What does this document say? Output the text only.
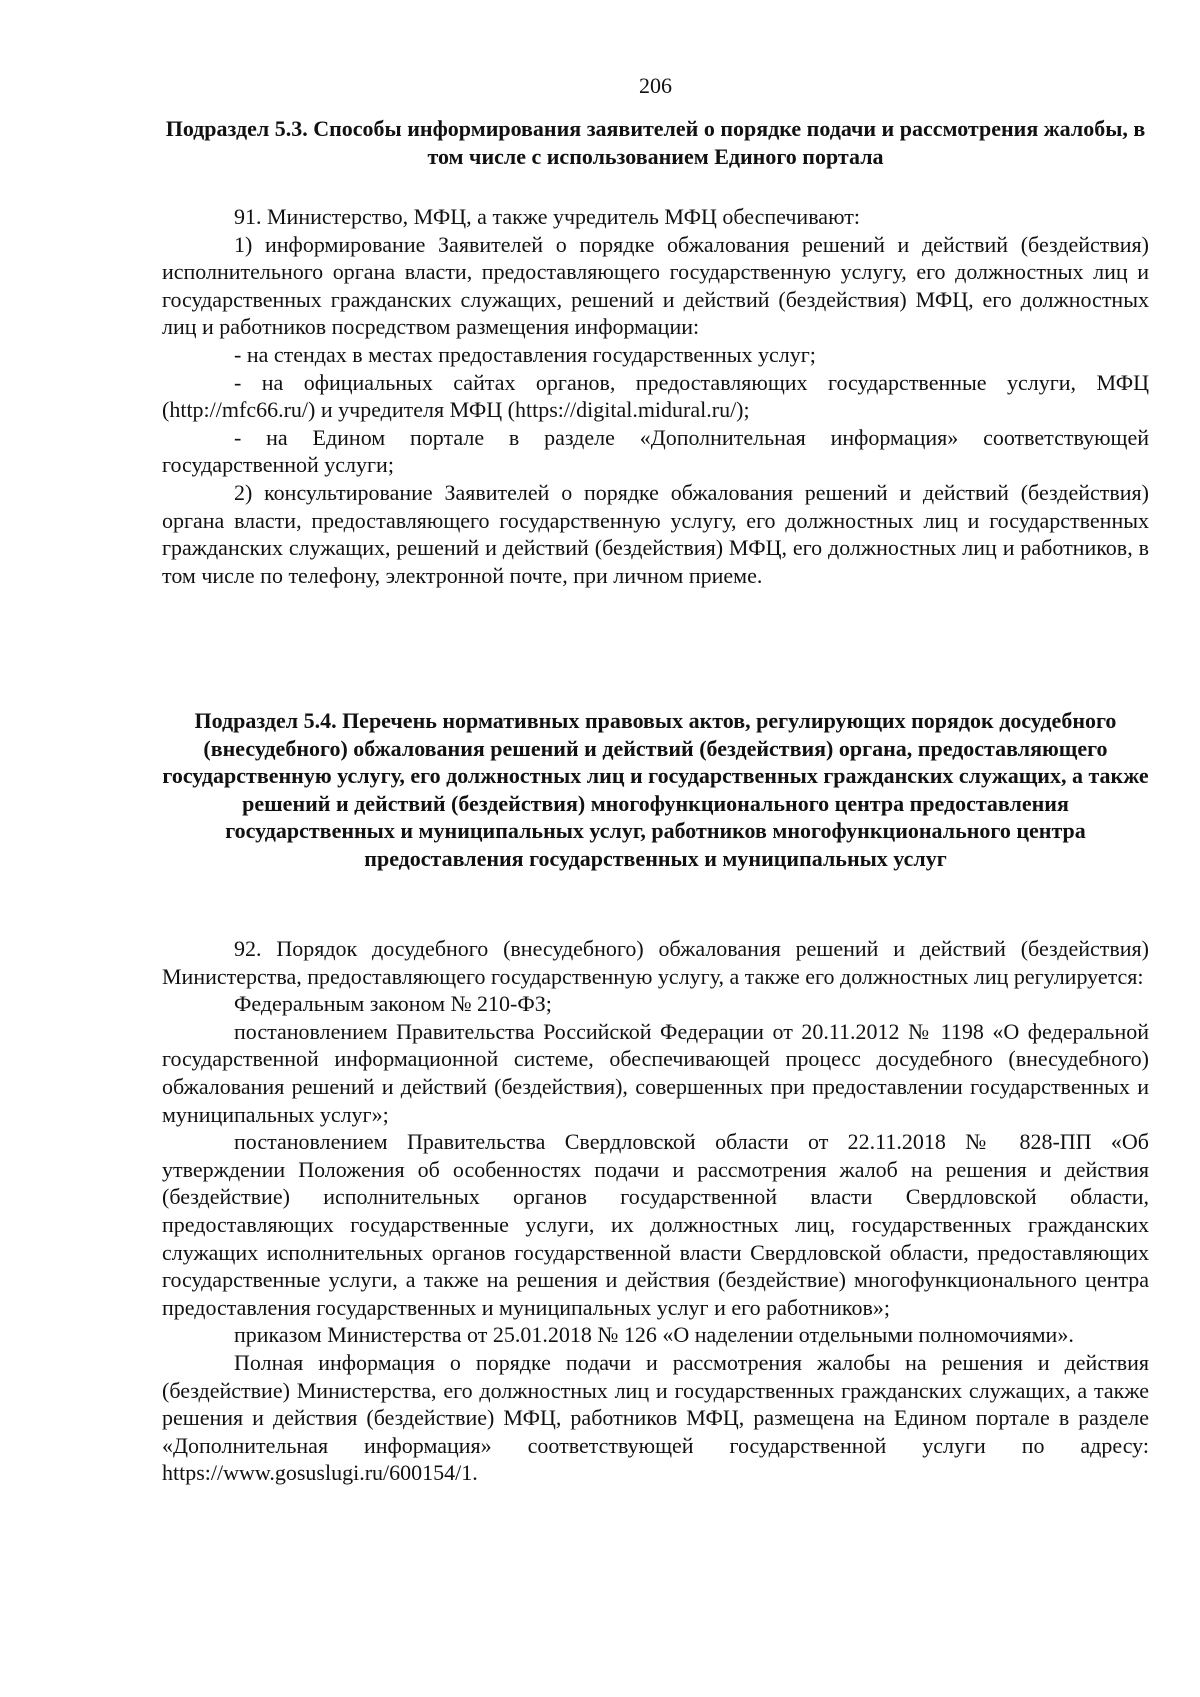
206
Подраздел 5.3. Способы информирования заявителей о порядке подачи и рассмотрения жалобы, в том числе с использованием Единого портала

91. Министерство, МФЦ, а также учредитель МФЦ обеспечивают:

1) информирование Заявителей о порядке обжалования решений и действий (бездействия) исполнительного органа власти, предоставляющего государственную услугу, его должностных лиц и государственных гражданских служащих, решений и действий (бездействия) МФЦ, его должностных лиц и работников посредством размещения информации:

- на стендах в местах предоставления государственных услуг;

- на официальных сайтах органов, предоставляющих государственные услуги, МФЦ (http://mfc66.ru/) и учредителя МФЦ (https://digital.midural.ru/);

- на Едином портале в разделе «Дополнительная информация» соответствующей государственной услуги;

2) консультирование Заявителей о порядке обжалования решений и действий (бездействия) органа власти, предоставляющего государственную услугу, его должностных лиц и государственных гражданских служащих, решений и действий (бездействия) МФЦ, его должностных лиц и работников, в том числе по телефону, электронной почте, при личном приеме.

Подраздел 5.4. Перечень нормативных правовых актов, регулирующих порядок досудебного (внесудебного) обжалования решений и действий (бездействия) органа, предоставляющего государственную услугу, его должностных лиц и государственных гражданских служащих, а также решений и действий (бездействия) многофункционального центра предоставления государственных и муниципальных услуг, работников многофункционального центра предоставления государственных и муниципальных услуг

92. Порядок досудебного (внесудебного) обжалования решений и действий (бездействия) Министерства, предоставляющего государственную услугу, а также его должностных лиц регулируется:

Федеральным законом № 210-ФЗ;

постановлением Правительства Российской Федерации от 20.11.2012 № 1198 «О федеральной государственной информационной системе, обеспечивающей процесс досудебного (внесудебного) обжалования решений и действий (бездействия), совершенных при предоставлении государственных и муниципальных услуг»;

постановлением Правительства Свердловской области от 22.11.2018 № 828-ПП «Об утверждении Положения об особенностях подачи и рассмотрения жалоб на решения и действия (бездействие) исполнительных органов государственной власти Свердловской области, предоставляющих государственные услуги, их должностных лиц, государственных гражданских служащих исполнительных органов государственной власти Свердловской области, предоставляющих государственные услуги, а также на решения и действия (бездействие) многофункционального центра предоставления государственных и муниципальных услуг и его работников»;

приказом Министерства от 25.01.2018 № 126 «О наделении отдельными полномочиями».

Полная информация о порядке подачи и рассмотрения жалобы на решения и действия (бездействие) Министерства, его должностных лиц и государственных гражданских служащих, а также решения и действия (бездействие) МФЦ, работников МФЦ, размещена на Едином портале в разделе «Дополнительная информация» соответствующей государственной услуги по адресу: https://www.gosuslugi.ru/600154/1.
